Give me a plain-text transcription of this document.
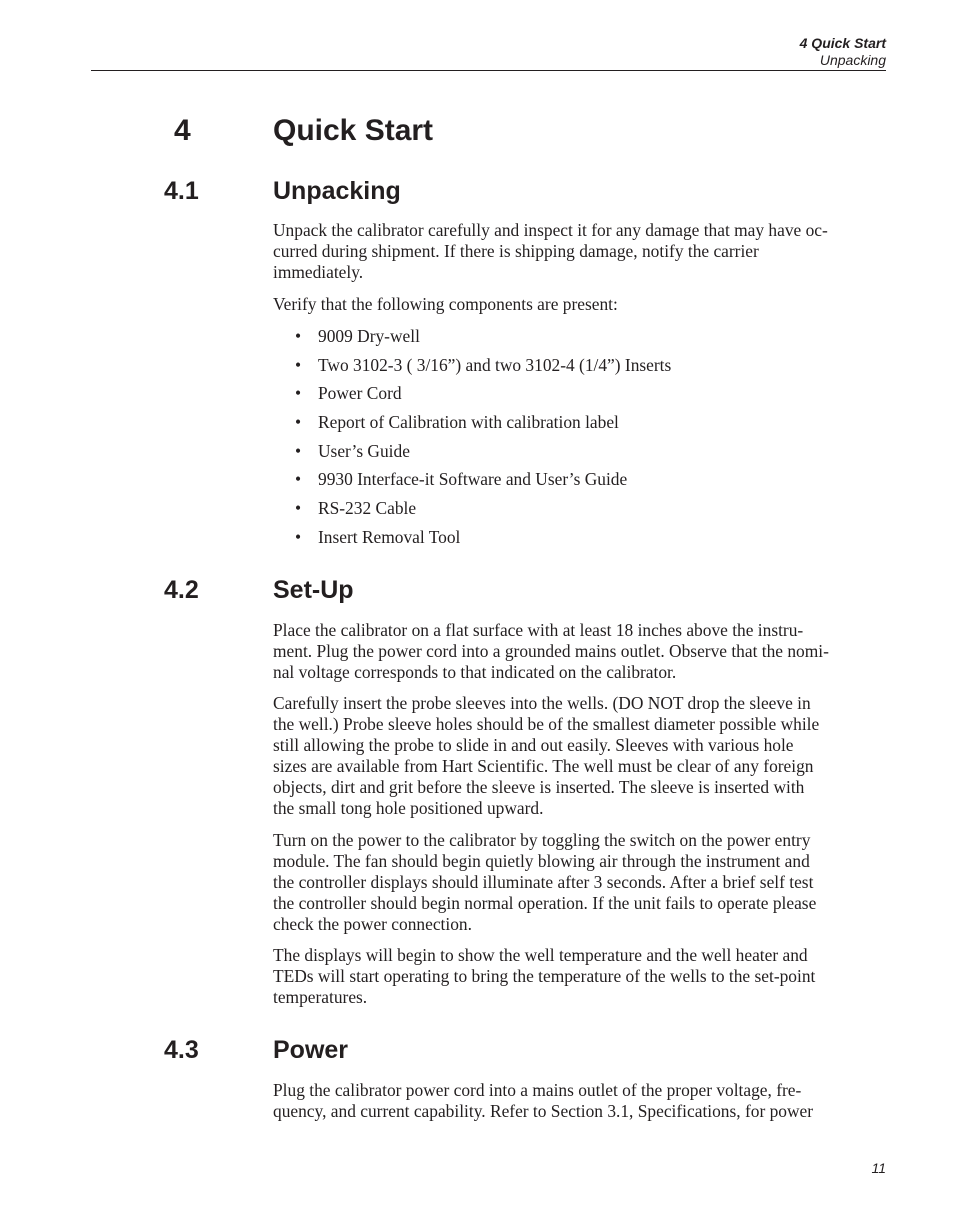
4 Quick Start
Unpacking
4	Quick Start
4.1	Unpacking

Unpack the calibrator carefully and inspect it for any damage that may have oc-

curred during shipment. If there is shipping damage, notify the carrier

immediately.

Verify that the following components are present:

• 9009 Dry-well
• Two 3102-3 ( 3/16”) and two 3102-4 (1/4”) Inserts
• Power Cord
• Report of Calibration with calibration label
• User’s Guide
• 9930 Interface-it Software and User’s Guide
• RS-232 Cable
• Insert Removal Tool
4.2	Set-Up

Place the calibrator on a flat surface with at least 18 inches above the instru-

ment. Plug the power cord into a grounded mains outlet. Observe that the nomi-

nal voltage corresponds to that indicated on the calibrator.

Carefully insert the probe sleeves into the wells. (DO NOT drop the sleeve in

the well.) Probe sleeve holes should be of the smallest diameter possible while

still allowing the probe to slide in and out easily. Sleeves with various hole

sizes are available from Hart Scientific. The well must be clear of any foreign

objects, dirt and grit before the sleeve is inserted. The sleeve is inserted with

the small tong hole positioned upward.

Turn on the power to the calibrator by toggling the switch on the power entry

module. The fan should begin quietly blowing air through the instrument and

the controller displays should illuminate after 3 seconds. After a brief self test

the controller should begin normal operation. If the unit fails to operate please

check the power connection.

The displays will begin to show the well temperature and the well heater and

TEDs will start operating to bring the temperature of the wells to the set-point

temperatures.

4.3	Power

Plug the calibrator power cord into a mains outlet of the proper voltage, fre-

quency, and current capability. Refer to Section 3.1, Specifications, for power

11
